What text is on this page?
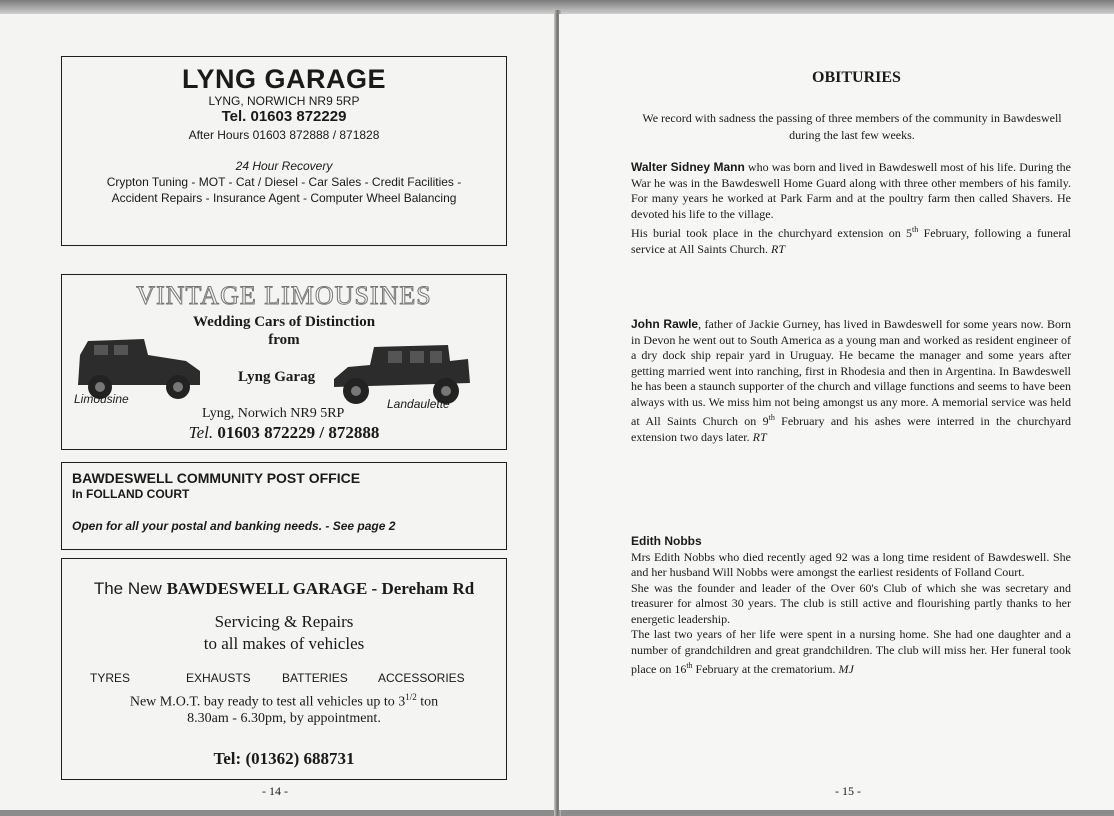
LYNG GARAGE
LYNG, NORWICH NR9 5RP
Tel. 01603 872229
After Hours 01603 872888 / 871828
24 Hour Recovery
Crypton Tuning - MOT - Cat / Diesel - Car Sales - Credit Facilities -
Accident Repairs - Insurance Agent - Computer Wheel Balancing
VINTAGE LIMOUSINES
Wedding Cars of Distinction
from
Lyng Garag
Limousine	Landaulette
Lyng, Norwich NR9 5RP
Tel. 01603 872229 / 872888
BAWDESWELL COMMUNITY POST OFFICE
In FOLLAND COURT
Open for all your postal and banking needs. - See page 2
The New BAWDESWELL GARAGE - Dereham Rd
Servicing & Repairs
to all makes of vehicles
TYRES	EXHAUSTS	BATTERIES	ACCESSORIES
New M.O.T. bay ready to test all vehicles up to $3^{1/2}$ ton
8.30am - 6.30pm, by appointment.
Tel: (01362) 688731
- 14 -
OBITURIES
We record with sadness the passing of three members of the community in Bawdeswell during the last few weeks.

Walter Sidney Mann who was born and lived in Bawdeswell most of his life. During the War he was in the Bawdeswell Home Guard along with three other members of his family. For many years he worked at Park Farm and at the poultry farm then called Shavers. He devoted his life to the village.

His burial took place in the churchyard extension on 5th February, following a funeral service at All Saints Church. RT

John Rawle, father of Jackie Gurney, has lived in Bawdeswell for some years now. Born in Devon he went out to South America as a young man and worked as resident engineer of a dry dock ship repair yard in Uruguay. He became the manager and some years after getting married went into ranching, first in Rhodesia and then in Argentina. In Bawdeswell he has been a staunch supporter of the church and village functions and seems to have been always with us. We miss him not being amongst us any more. A memorial service was held at All Saints Church on 9th February and his ashes were interred in the churchyard extension two days later. RT

Edith Nobbs

Mrs Edith Nobbs who died recently aged 92 was a long time resident of Bawdeswell. She and her husband Will Nobbs were amongst the earliest residents of Folland Court.

She was the founder and leader of the Over 60's Club of which she was secretary and treasurer for almost 30 years. The club is still active and flourishing partly thanks to her energetic leadership.

The last two years of her life were spent in a nursing home. She had one daughter and a number of grandchildren and great grandchildren. The club will miss her. Her funeral took place on 16th February at the crematorium. MJ

- 15 -
